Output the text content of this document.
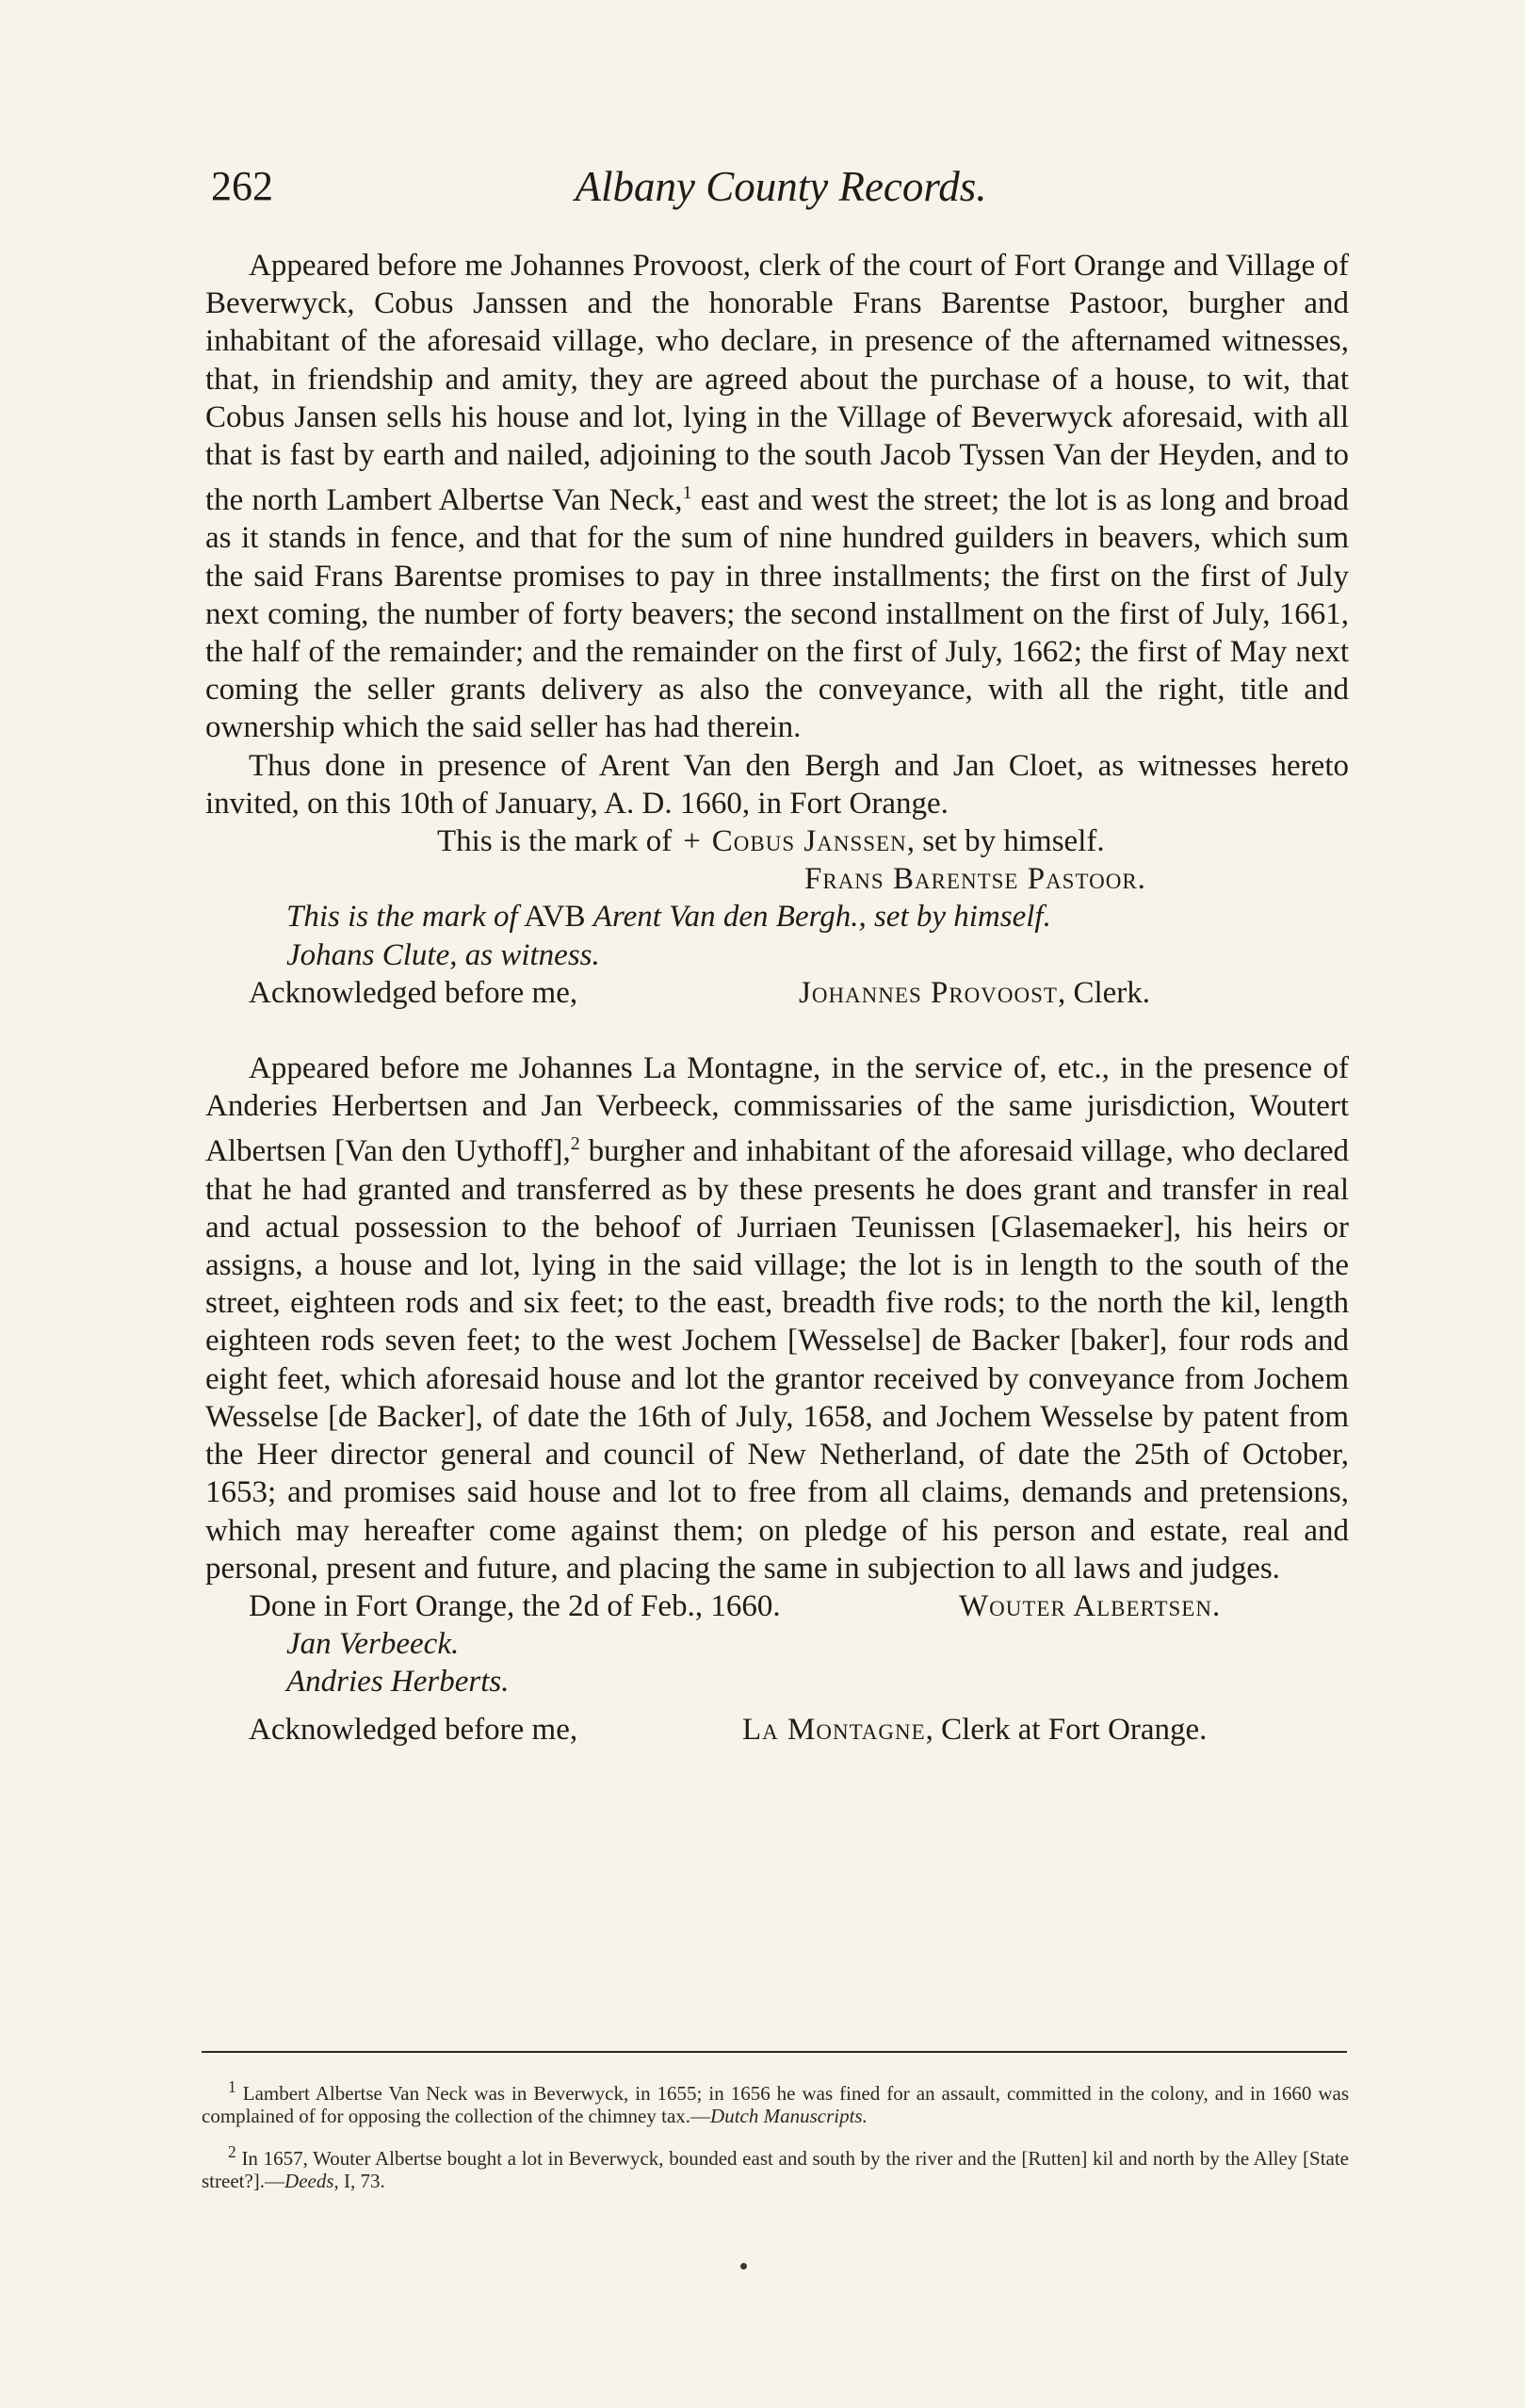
262	Albany County Records.

Appeared before me Johannes Provoost, clerk of the court of Fort Orange and Village of Beverwyck, Cobus Janssen and the honorable Frans Barentse Pastoor, burgher and inhabitant of the aforesaid village, who declare, in presence of the afternamed witnesses, that, in friendship and amity, they are agreed about the purchase of a house, to wit, that Cobus Jansen sells his house and lot, lying in the Village of Beverwyck aforesaid, with all that is fast by earth and nailed, adjoining to the south Jacob Tyssen Van der Heyden, and to the north Lambert Albertse Van Neck,$^1$ east and west the street; the lot is as long and broad as it stands in fence, and that for the sum of nine hundred guilders in beavers, which sum the said Frans Barentse promises to pay in three installments; the first on the first of July next coming, the number of forty beavers; the second installment on the first of July, 1661, the half of the remainder; and the remainder on the first of July, 1662; the first of May next coming the seller grants delivery as also the conveyance, with all the right, title and ownership which the said seller has had therein.

Thus done in presence of Arent Van den Bergh and Jan Cloet, as witnesses hereto invited, on this 10th of January, A. D. 1660, in Fort Orange.

This is the mark of + Cobus Janssen, set by himself.

Frans Barentse Pastoor.

This is the mark of AVB Arent Van den Bergh., set by himself.

Johans Clute, as witness.

Acknowledged before me,	Johannes Provoost, Clerk.

Appeared before me Johannes La Montagne, in the service of, etc., in the presence of Anderies Herbertsen and Jan Verbeeck, commissaries of the same jurisdiction, Woutert Albertsen [Van den Uythoff],$^2$ burgher and inhabitant of the aforesaid village, who declared that he had granted and transferred as by these presents he does grant and transfer in real and actual possession to the behoof of Jurriaen Teunissen [Glasemaeker], his heirs or assigns, a house and lot, lying in the said village; the lot is in length to the south of the street, eighteen rods and six feet; to the east, breadth five rods; to the north the kil, length eighteen rods seven feet; to the west Jochem [Wesselse] de Backer [baker], four rods and eight feet, which aforesaid house and lot the grantor received by conveyance from Jochem Wesselse [de Backer], of date the 16th of July, 1658, and Jochem Wesselse by patent from the Heer director general and council of New Netherland, of date the 25th of October, 1653; and promises said house and lot to free from all claims, demands and pretensions, which may hereafter come against them; on pledge of his person and estate, real and personal, present and future, and placing the same in subjection to all laws and judges.

Done in Fort Orange, the 2d of Feb., 1660.	Wouter Albertsen.

Jan Verbeeck.

Andries Herberts.

Acknowledged before me,	La Montagne, Clerk at Fort Orange.

$^1$ Lambert Albertse Van Neck was in Beverwyck, in 1655; in 1656 he was fined for an assault, committed in the colony, and in 1660 was complained of for opposing the collection of the chimney tax.—Dutch Manuscripts.

$^2$ In 1657, Wouter Albertse bought a lot in Beverwyck, bounded east and south by the river and the [Rutten] kil and north by the Alley [State street?].—Deeds, I, 73.
